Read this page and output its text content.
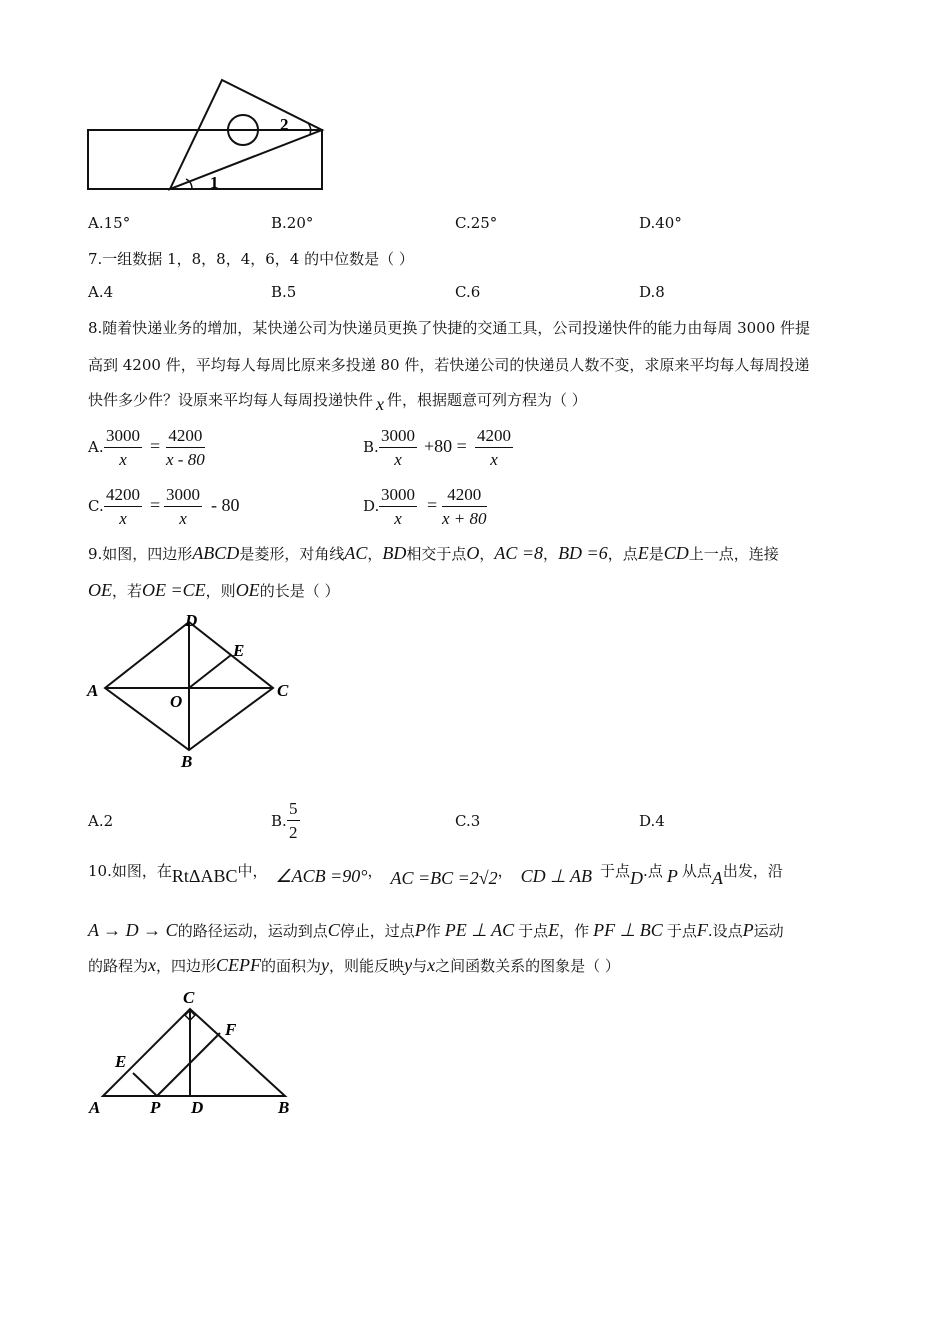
2
1
A.15°	B.20°	C.25°	D.40°
7.一组数据 1，8，8，4，6，4 的中位数是（ ）
A.4	B.5	C.6	D.8
8.随着快递业务的增加，某快递公司为快递员更换了快捷的交通工具，公司投递快件的能力由每周 3000 件提
高到 4200 件，平均每人每周比原来多投递 80 件，若快递公司的快递员人数不变，求原来平均每人每周投递
快件多少件？设原来平均每人每周投递快件 x 件，根据题意可列方程为（ ）
A. $\frac{3000}{x} = \frac{4200}{x - 80}$	B. $\frac{3000}{x} +80 = \frac{4200}{x}$
C. $\frac{4200}{x} = \frac{3000}{x} - 80$	D. $\frac{3000}{x} = \frac{4200}{x + 80}$
9.如图，四边形ABCD是菱形，对角线AC，BD相交于点O，AC =8，BD =6，点E是CD上一点，连接
OE，若OE =CE，则OE的长是（ ）
D
E
A	C
O
B
A.2	B. $\frac{5}{2}$	C.3	D.4
10.如图，在RtΔABC中， ∠ACB =90°， AC =BC =2√2， CD ⊥ AB 于点D.点 P 从点A出发，沿
A → D → C的路径运动，运动到点C停止，过点P作 PE ⊥ AC 于点E，作 PF ⊥ BC 于点F.设点P运动
的路程为x，四边形CEPF的面积为y，则能反映y与x之间函数关系的图象是（ ）
C
F
E
A	P D	B
